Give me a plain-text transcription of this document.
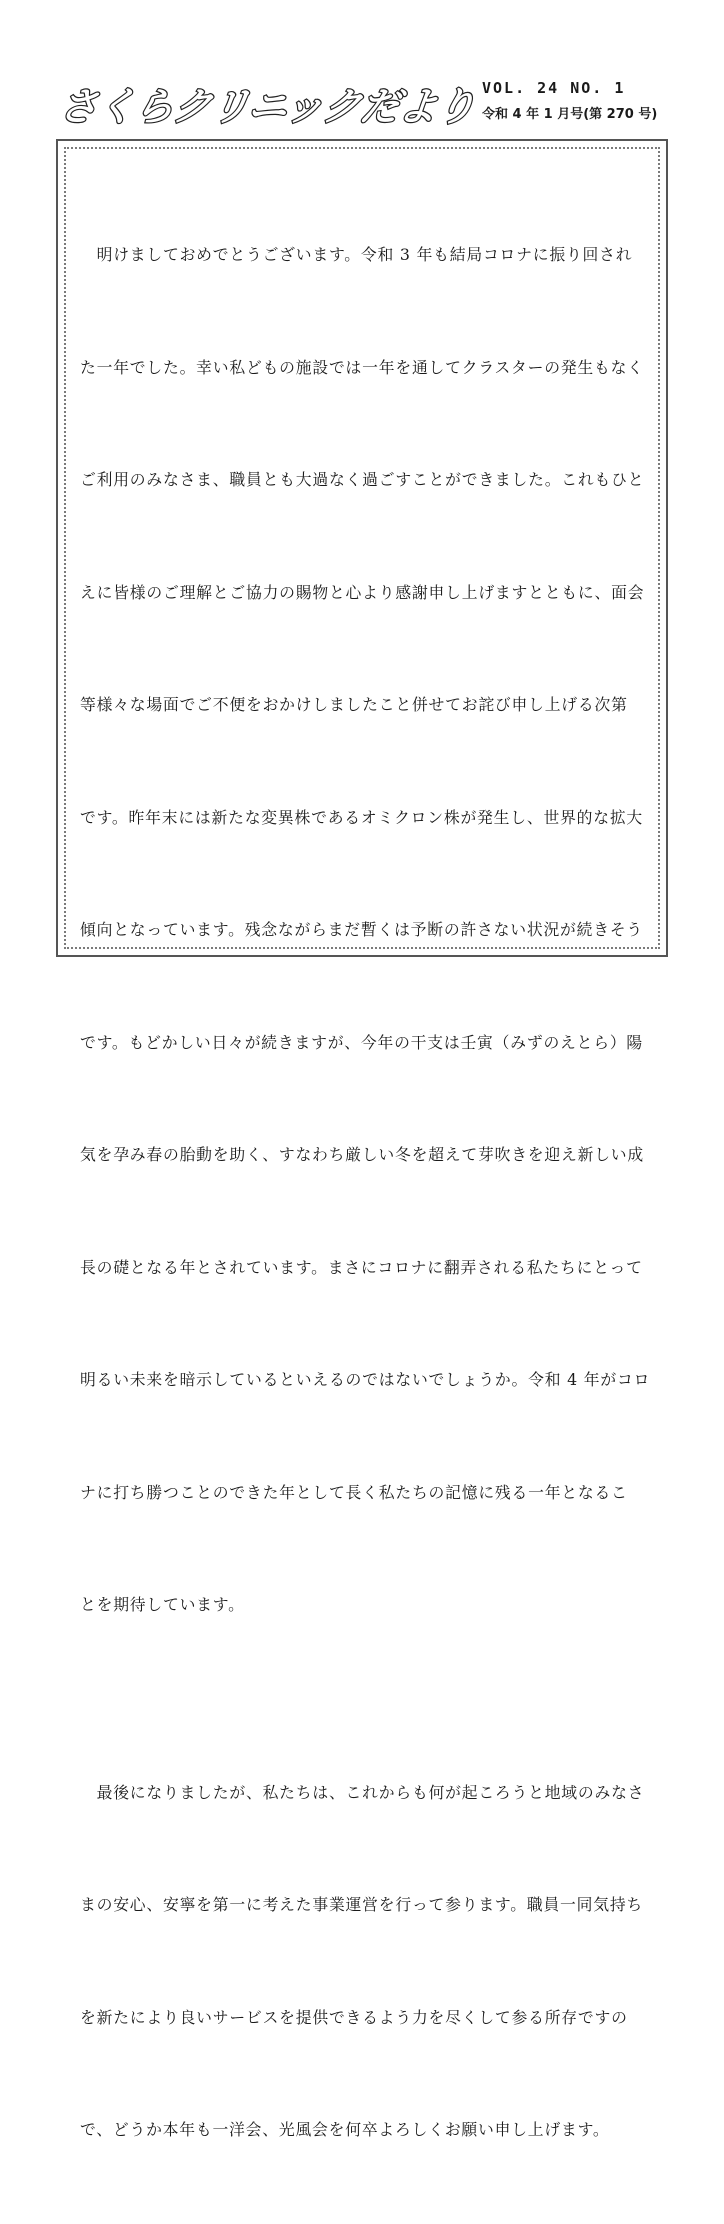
さくらクリニックだより VOL. 24 NO. 1
令和 4 年 1 月号(第 270 号)

　明けましておめでとうございます。令和 3 年も結局コロナに振り回され

た一年でした。幸い私どもの施設では一年を通してクラスターの発生もなく

ご利用のみなさま、職員とも大過なく過ごすことができました。これもひと

えに皆様のご理解とご協力の賜物と心より感謝申し上げますとともに、面会

等様々な場面でご不便をおかけしましたこと併せてお詫び申し上げる次第

です。昨年末には新たな変異株であるオミクロン株が発生し、世界的な拡大

傾向となっています。残念ながらまだ暫くは予断の許さない状況が続きそう

です。もどかしい日々が続きますが、今年の干支は壬寅（みずのえとら）陽

気を孕み春の胎動を助く、すなわち厳しい冬を超えて芽吹きを迎え新しい成

長の礎となる年とされています。まさにコロナに翻弄される私たちにとって

明るい未来を暗示しているといえるのではないでしょうか。令和 4 年がコロ

ナに打ち勝つことのできた年として長く私たちの記憶に残る一年となるこ

とを期待しています。

　最後になりましたが、私たちは、これからも何が起ころうと地域のみなさ

まの安心、安寧を第一に考えた事業運営を行って参ります。職員一同気持ち

を新たにより良いサービスを提供できるよう力を尽くして参る所存ですの

で、どうか本年も一洋会、光風会を何卒よろしくお願い申し上げます。
